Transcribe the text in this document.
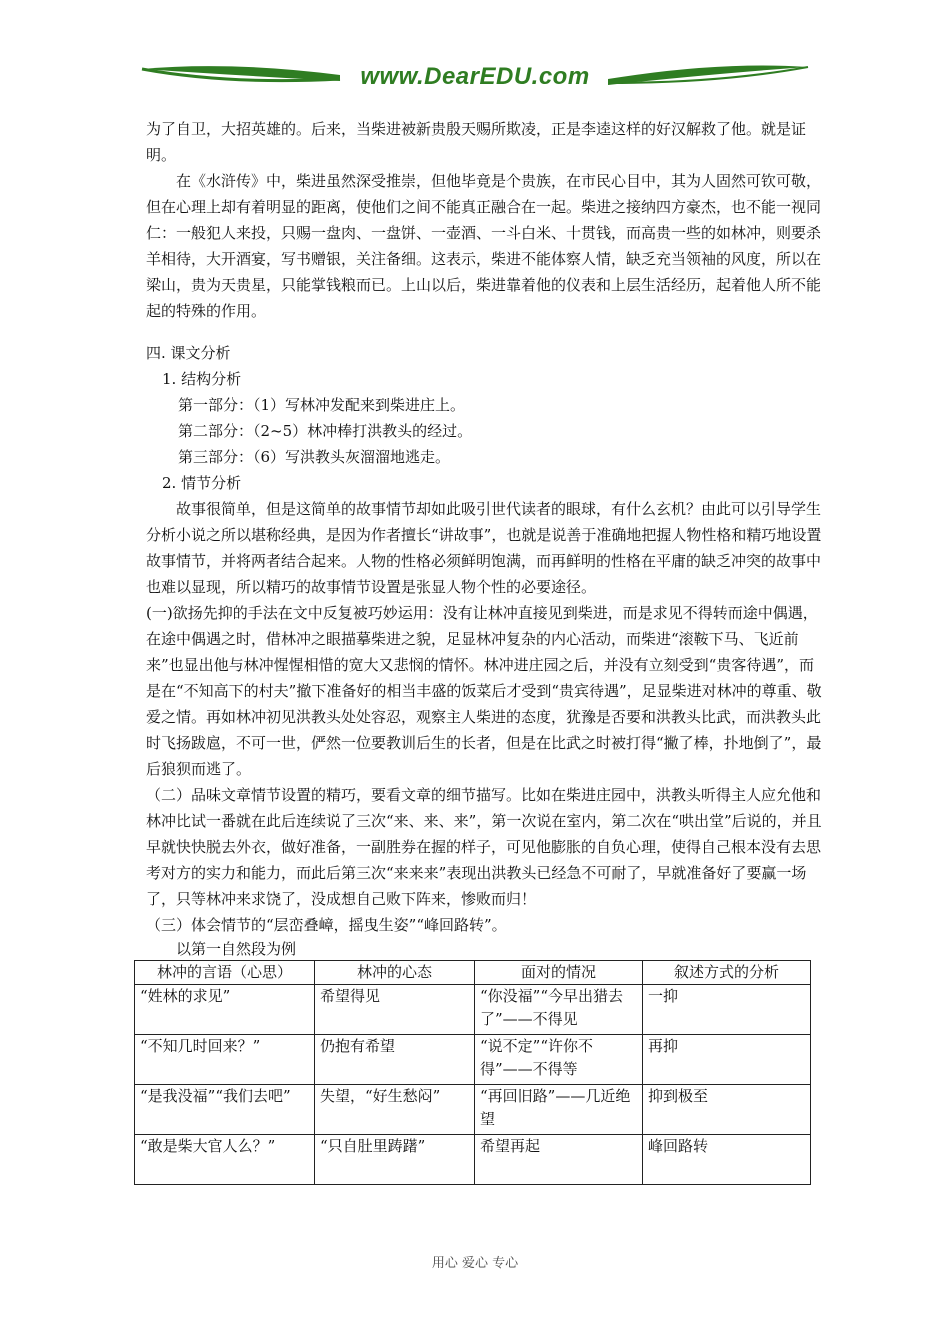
www.DearEDU.com

为了自卫，大招英雄的。后来，当柴进被新贵殷天赐所欺凌，正是李逵这样的好汉解救了他。就是证明。

在《水浒传》中，柴进虽然深受推崇，但他毕竟是个贵族，在市民心目中，其为人固然可钦可敬，但在心理上却有着明显的距离，使他们之间不能真正融合在一起。柴进之接纳四方豪杰，也不能一视同仁：一般犯人来投，只赐一盘肉、一盘饼、一壶酒、一斗白米、十贯钱，而高贵一些的如林冲，则要杀羊相待，大开酒宴，写书赠银，关注备细。这表示，柴进不能体察人情，缺乏充当领袖的风度，所以在梁山，贵为天贵星，只能掌钱粮而已。上山以后，柴进靠着他的仪表和上层生活经历，起着他人所不能起的特殊的作用。

四. 课文分析

1. 结构分析

第一部分：（1）写林冲发配来到柴进庄上。

第二部分：（2~5）林冲棒打洪教头的经过。

第三部分：（6）写洪教头灰溜溜地逃走。

2. 情节分析

故事很简单，但是这简单的故事情节却如此吸引世代读者的眼球，有什么玄机？由此可以引导学生分析小说之所以堪称经典，是因为作者擅长“讲故事”，也就是说善于准确地把握人物性格和精巧地设置故事情节，并将两者结合起来。人物的性格必须鲜明饱满，而再鲜明的性格在平庸的缺乏冲突的故事中也难以显现，所以精巧的故事情节设置是张显人物个性的必要途径。

(一)欲扬先抑的手法在文中反复被巧妙运用：没有让林冲直接见到柴进，而是求见不得转而途中偶遇，在途中偶遇之时，借林冲之眼描摹柴进之貌，足显林冲复杂的内心活动，而柴进“滚鞍下马、飞近前来”也显出他与林冲惺惺相惜的宽大又悲悯的情怀。林冲进庄园之后，并没有立刻受到“贵客待遇”，而是在“不知高下的村夫”撤下准备好的相当丰盛的饭菜后才受到“贵宾待遇”，足显柴进对林冲的尊重、敬爱之情。再如林冲初见洪教头处处容忍，观察主人柴进的态度，犹豫是否要和洪教头比武，而洪教头此时飞扬跋扈，不可一世，俨然一位要教训后生的长者，但是在比武之时被打得“撇了棒，扑地倒了”，最后狼狈而逃了。

（二）品味文章情节设置的精巧，要看文章的细节描写。比如在柴进庄园中，洪教头听得主人应允他和林冲比试一番就在此后连续说了三次“来、来、来”，第一次说在室内，第二次在“哄出堂”后说的，并且早就快快脱去外衣，做好准备，一副胜券在握的样子，可见他膨胀的自负心理，使得自己根本没有去思考对方的实力和能力，而此后第三次“来来来”表现出洪教头已经急不可耐了，早就准备好了要赢一场了，只等林冲来求饶了，没成想自己败下阵来，惨败而归！

（三）体会情节的“层峦叠嶂，摇曳生姿”“峰回路转”。

以第一自然段为例

林冲的言语（心思）	林冲的心态	面对的情况	叙述方式的分析
“姓林的求见”	希望得见	“你没福”“今早出猎去了”——不得见	一抑
“不知几时回来？”	仍抱有希望	“说不定”“许你不得”——不得等	再抑
“是我没福”“我们去吧”	失望，“好生愁闷”	“再回旧路”——几近绝望	抑到极至
“敢是柴大官人么？”	“只自肚里踌躇”	希望再起	峰回路转
用心 爱心 专心
